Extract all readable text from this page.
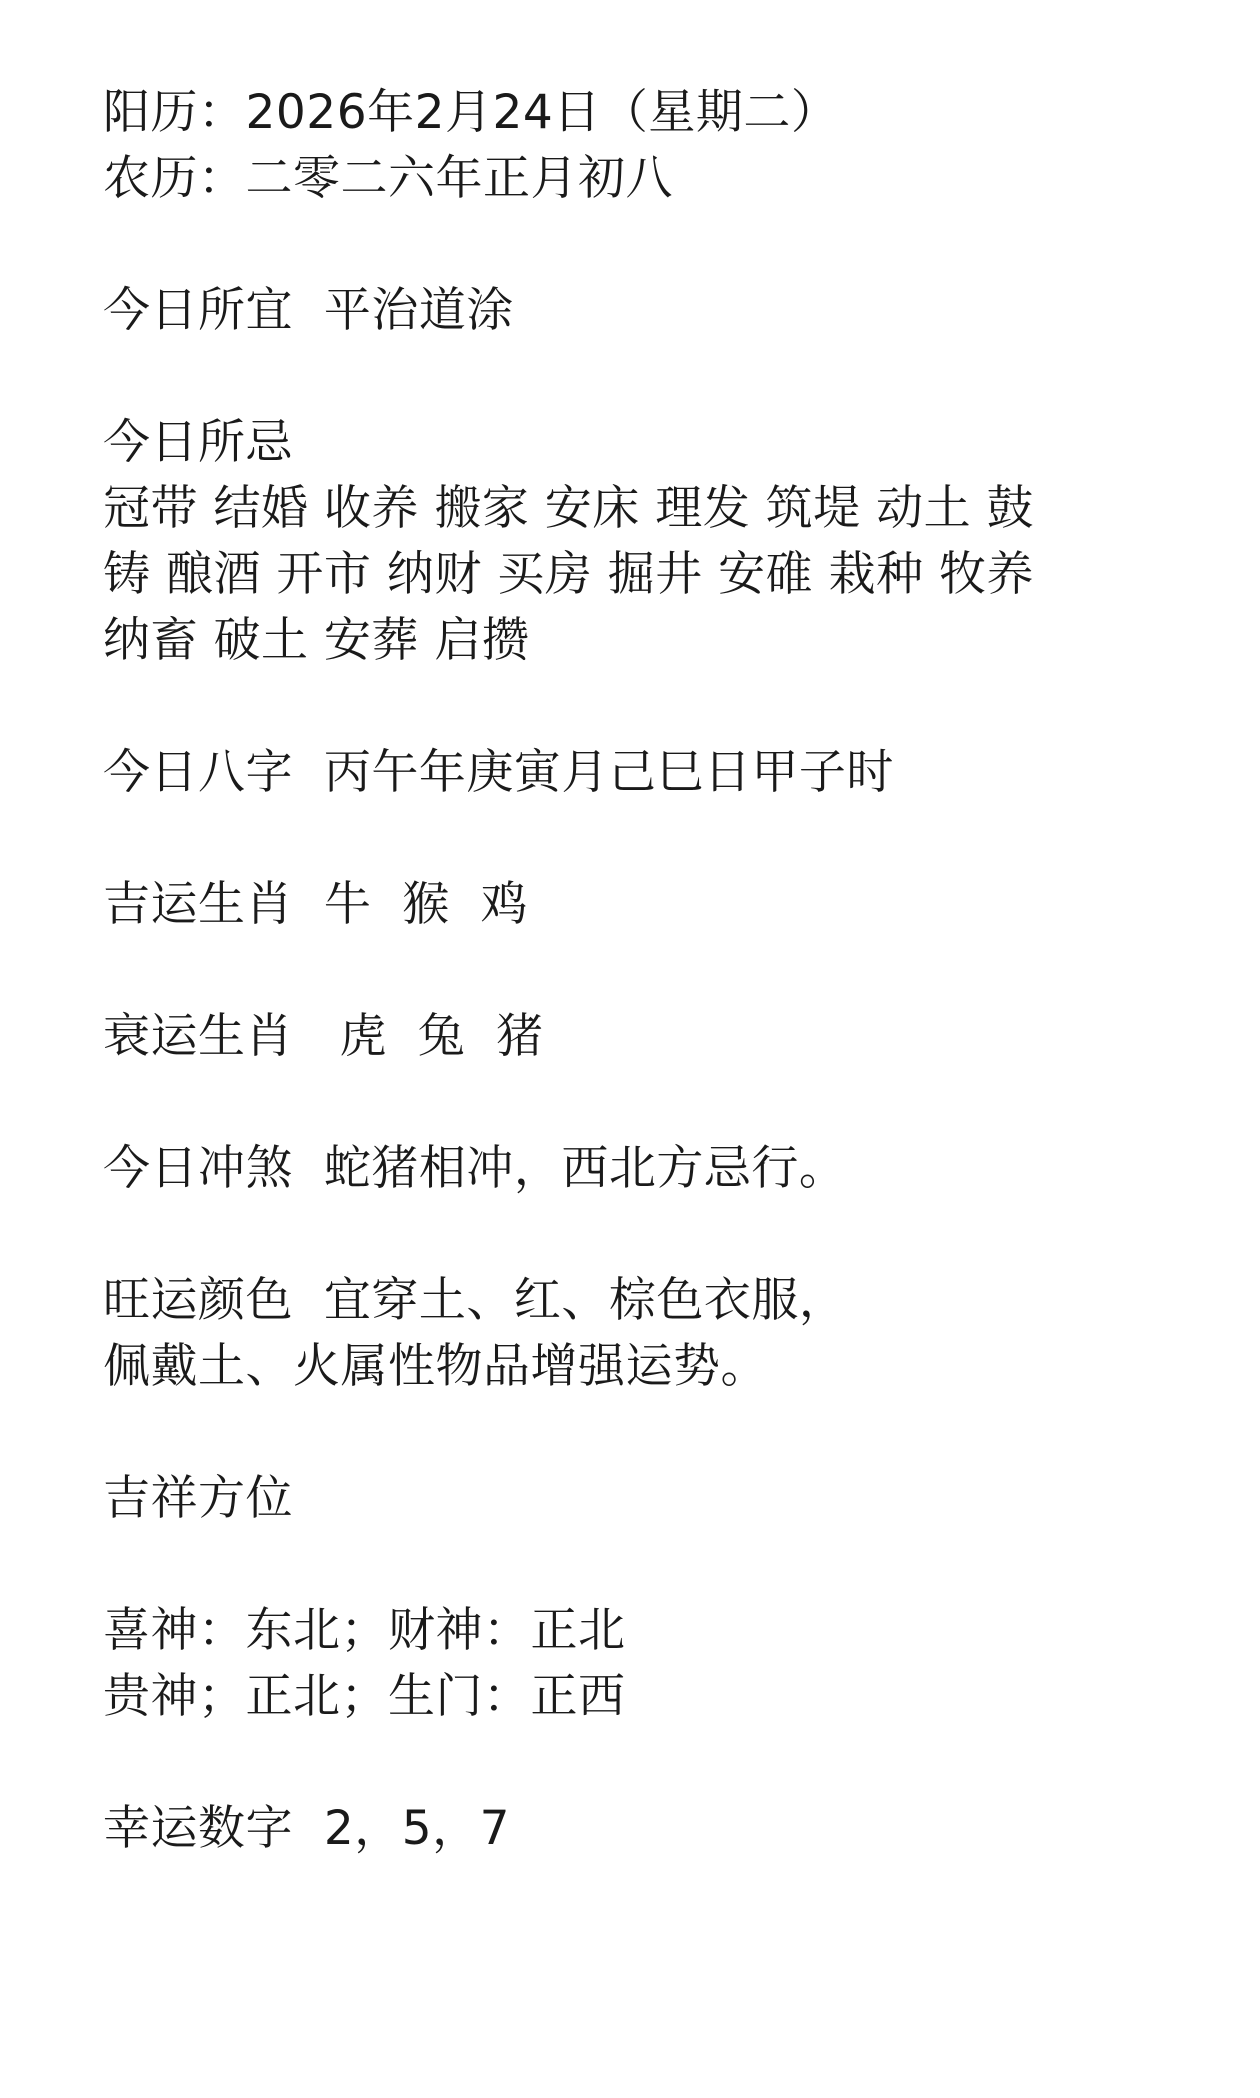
阳历：2026年2月24日（星期二）
农历：二零二六年正月初八
今日所宜  平治道涂
今日所忌
冠带 结婚 收养 搬家 安床 理发 筑堤 动土 鼓
铸 酿酒 开市 纳财 买房 掘井 安碓 栽种 牧养
纳畜 破土 安葬 启攒
今日八字  丙午年庚寅月己巳日甲子时
吉运生肖  牛  猴  鸡
衰运生肖   虎  兔  猪
今日冲煞  蛇猪相冲，西北方忌行。
旺运颜色  宜穿土、红、棕色衣服，
佩戴土、火属性物品增强运势。
吉祥方位
喜神：东北；财神：正北
贵神；正北；生门：正西
幸运数字  2，5，7
